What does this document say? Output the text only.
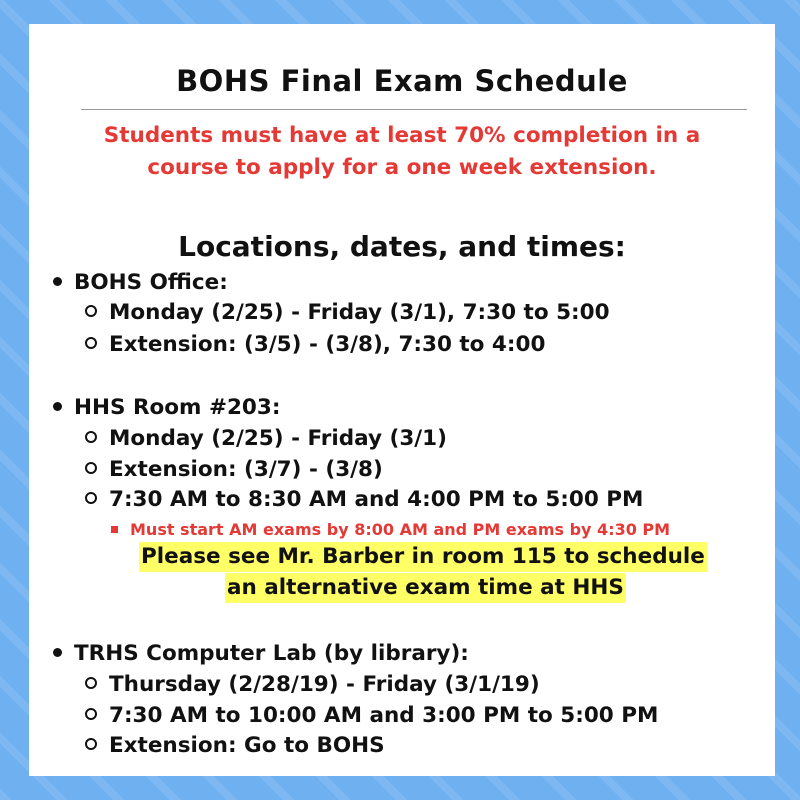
BOHS Final Exam Schedule
Students must have at least 70% completion in a
course to apply for a one week extension.
Locations, dates, and times:
BOHS Office:
Monday (2/25) - Friday (3/1), 7:30 to 5:00
Extension: (3/5) - (3/8), 7:30 to 4:00
HHS Room #203:
Monday (2/25) - Friday (3/1)
Extension: (3/7) - (3/8)
7:30 AM to 8:30 AM and 4:00 PM to 5:00 PM
Must start AM exams by 8:00 AM and PM exams by 4:30 PM
Please see Mr. Barber in room 115 to schedule
an alternative exam time at HHS
TRHS Computer Lab (by library):
Thursday (2/28/19) - Friday (3/1/19)
7:30 AM to 10:00 AM and 3:00 PM to 5:00 PM
Extension: Go to BOHS
